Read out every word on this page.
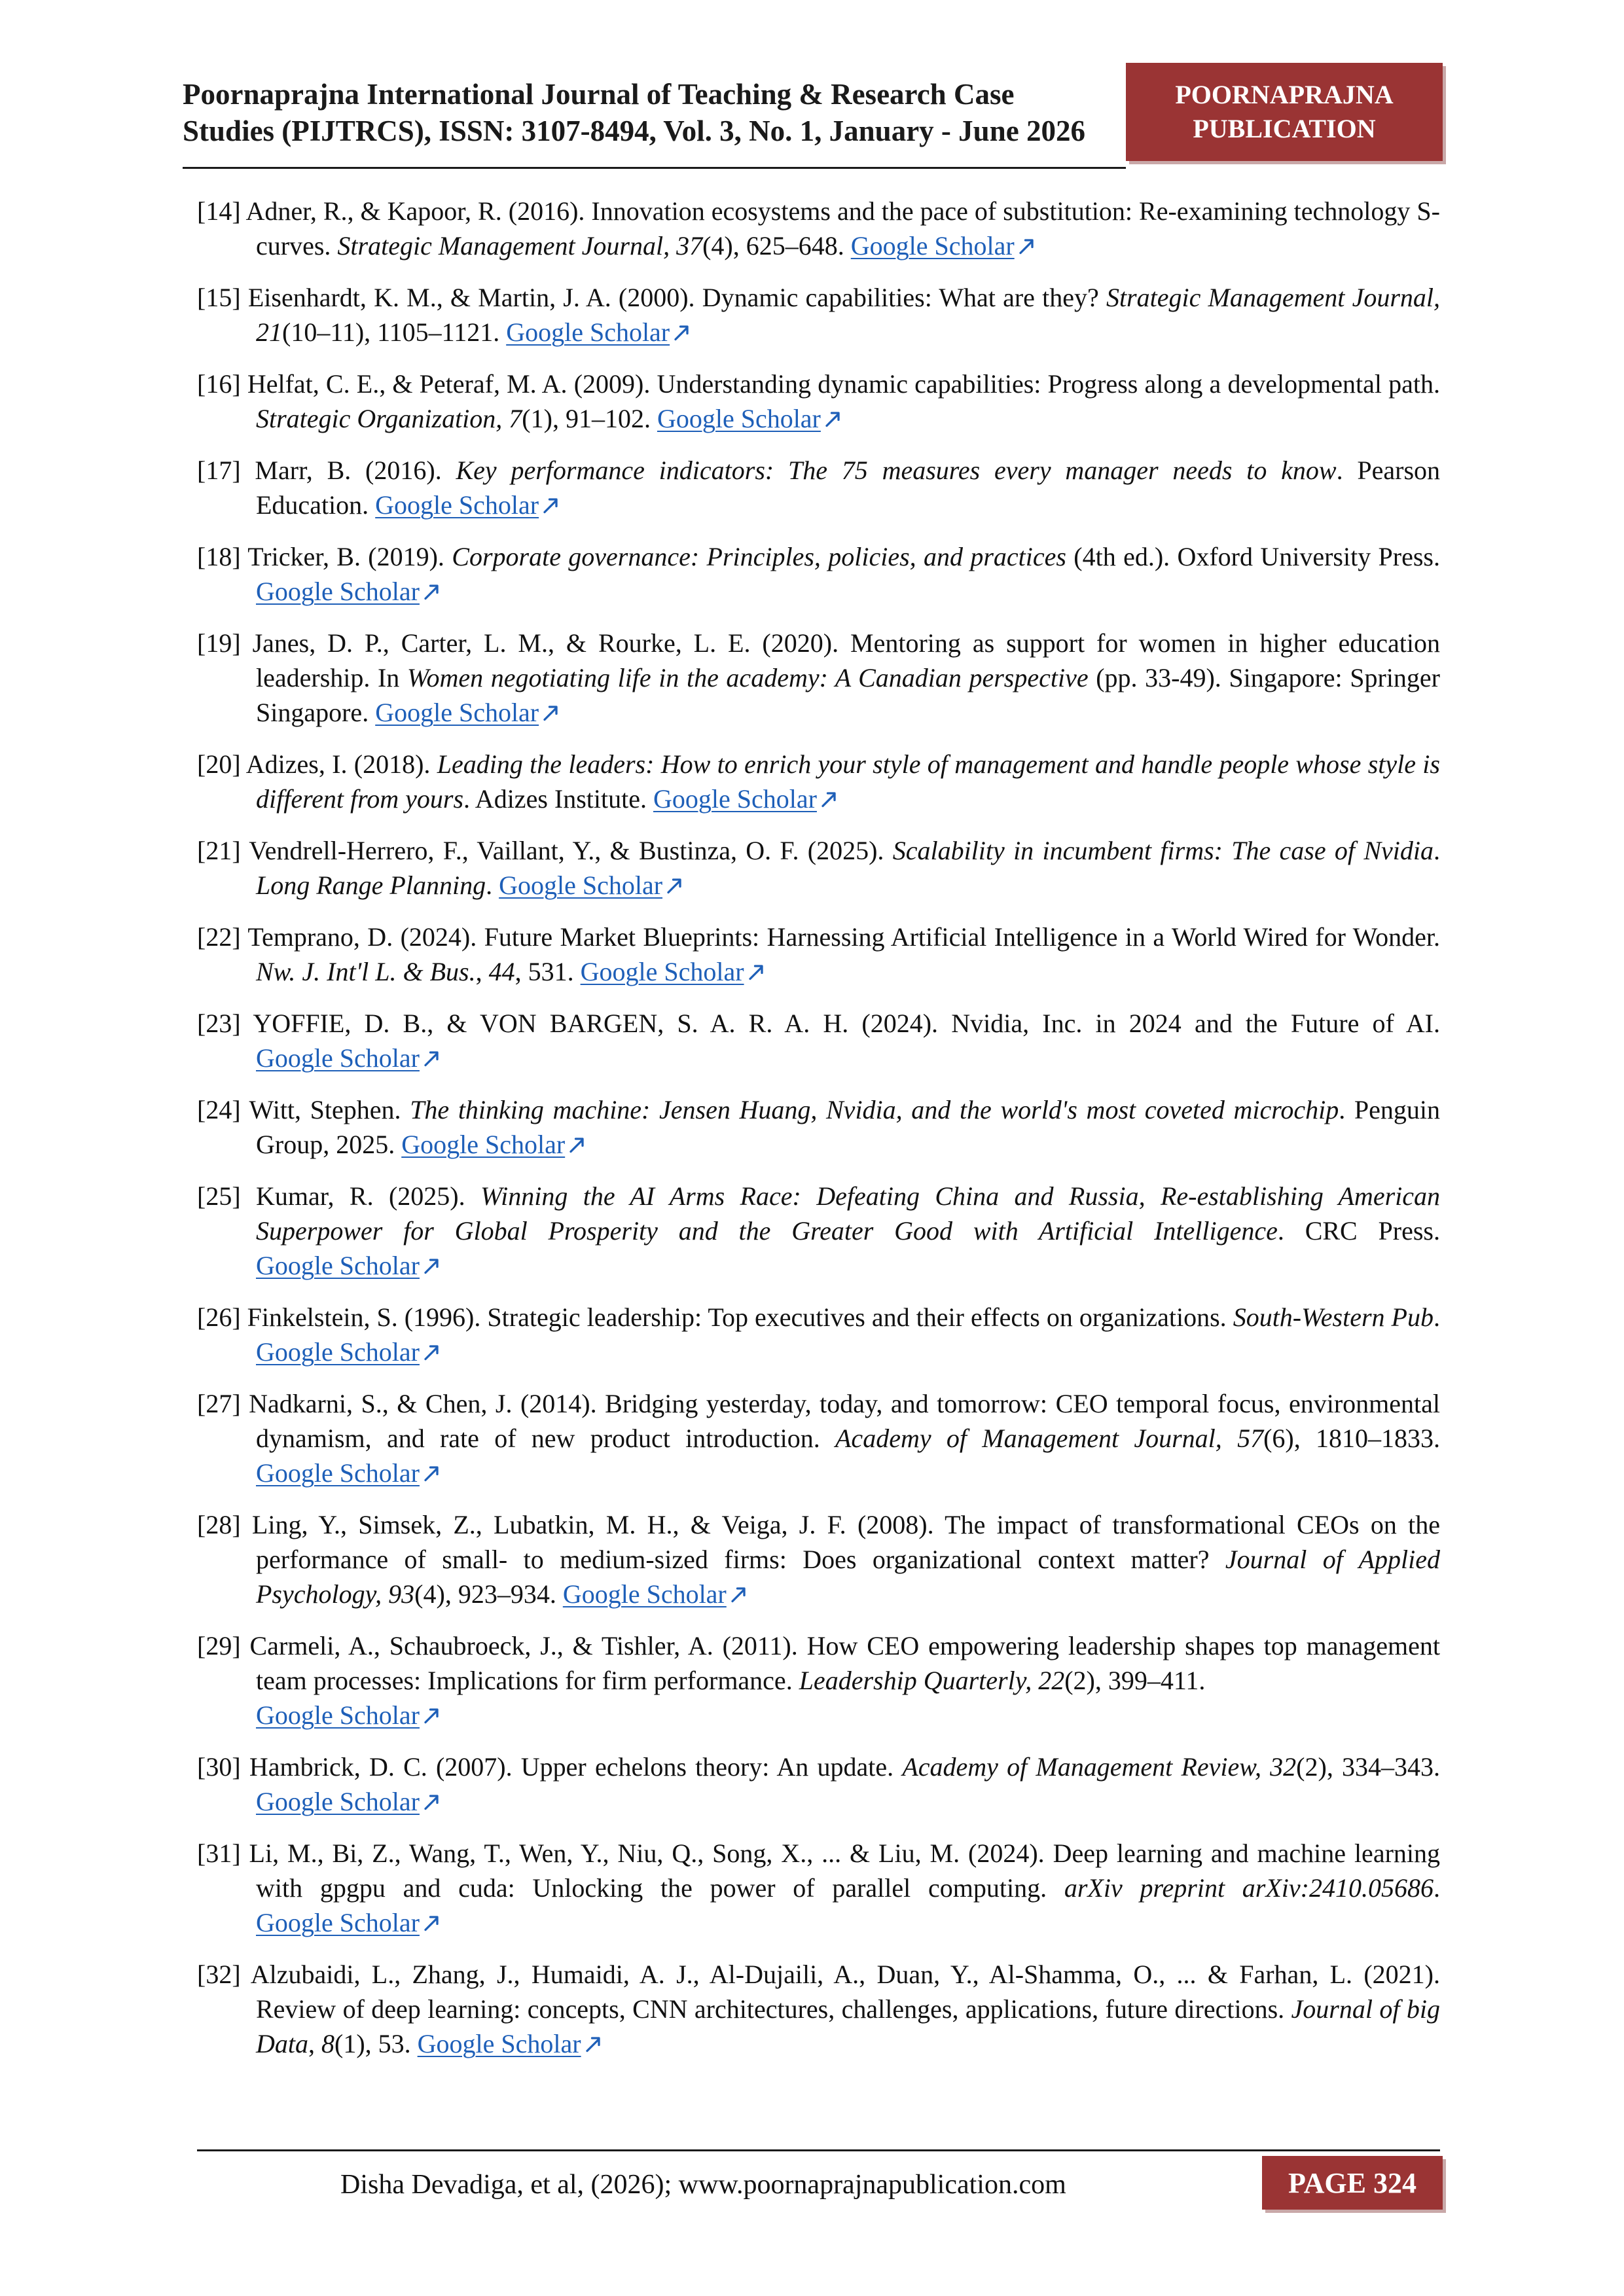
Poornaprajna International Journal of Teaching & Research Case
Studies (PIJTRCS), ISSN: 3107-8494, Vol. 3, No. 1, January - June 2026
POORNAPRAJNA
PUBLICATION
[14] Adner, R., & Kapoor, R. (2016). Innovation ecosystems and the pace of substitution: Re-examining technology S-curves. Strategic Management Journal, 37(4), 625–648. Google Scholar
[15] Eisenhardt, K. M., & Martin, J. A. (2000). Dynamic capabilities: What are they? Strategic Management Journal, 21(10–11), 1105–1121. Google Scholar
[16] Helfat, C. E., & Peteraf, M. A. (2009). Understanding dynamic capabilities: Progress along a developmental path. Strategic Organization, 7(1), 91–102. Google Scholar
[17] Marr, B. (2016). Key performance indicators: The 75 measures every manager needs to know. Pearson Education. Google Scholar
[18] Tricker, B. (2019). Corporate governance: Principles, policies, and practices (4th ed.). Oxford University Press. Google Scholar
[19] Janes, D. P., Carter, L. M., & Rourke, L. E. (2020). Mentoring as support for women in higher education leadership. In Women negotiating life in the academy: A Canadian perspective (pp. 33-49). Singapore: Springer Singapore. Google Scholar
[20] Adizes, I. (2018). Leading the leaders: How to enrich your style of management and handle people whose style is different from yours. Adizes Institute. Google Scholar
[21] Vendrell-Herrero, F., Vaillant, Y., & Bustinza, O. F. (2025). Scalability in incumbent firms: The case of Nvidia. Long Range Planning. Google Scholar
[22] Temprano, D. (2024). Future Market Blueprints: Harnessing Artificial Intelligence in a World Wired for Wonder. Nw. J. Int'l L. & Bus., 44, 531. Google Scholar
[23] YOFFIE, D. B., & VON BARGEN, S. A. R. A. H. (2024). Nvidia, Inc. in 2024 and the Future of AI. Google Scholar
[24] Witt, Stephen. The thinking machine: Jensen Huang, Nvidia, and the world's most coveted microchip. Penguin Group, 2025. Google Scholar
[25] Kumar, R. (2025). Winning the AI Arms Race: Defeating China and Russia, Re-establishing American Superpower for Global Prosperity and the Greater Good with Artificial Intelligence. CRC Press. Google Scholar
[26] Finkelstein, S. (1996). Strategic leadership: Top executives and their effects on organizations. South-Western Pub. Google Scholar
[27] Nadkarni, S., & Chen, J. (2014). Bridging yesterday, today, and tomorrow: CEO temporal focus, environmental dynamism, and rate of new product introduction. Academy of Management Journal, 57(6), 1810–1833. Google Scholar
[28] Ling, Y., Simsek, Z., Lubatkin, M. H., & Veiga, J. F. (2008). The impact of transformational CEOs on the performance of small- to medium-sized firms: Does organizational context matter? Journal of Applied Psychology, 93(4), 923–934. Google Scholar
[29] Carmeli, A., Schaubroeck, J., & Tishler, A. (2011). How CEO empowering leadership shapes top management team processes: Implications for firm performance. Leadership Quarterly, 22(2), 399–411.
Google Scholar
[30] Hambrick, D. C. (2007). Upper echelons theory: An update. Academy of Management Review, 32(2), 334–343. Google Scholar
[31] Li, M., Bi, Z., Wang, T., Wen, Y., Niu, Q., Song, X., ... & Liu, M. (2024). Deep learning and machine learning with gpgpu and cuda: Unlocking the power of parallel computing. arXiv preprint arXiv:2410.05686. Google Scholar
[32] Alzubaidi, L., Zhang, J., Humaidi, A. J., Al-Dujaili, A., Duan, Y., Al-Shamma, O., ... & Farhan, L. (2021). Review of deep learning: concepts, CNN architectures, challenges, applications, future directions. Journal of big Data, 8(1), 53. Google Scholar
Disha Devadiga, et al, (2026); www.poornaprajnapublication.com	PAGE 324
